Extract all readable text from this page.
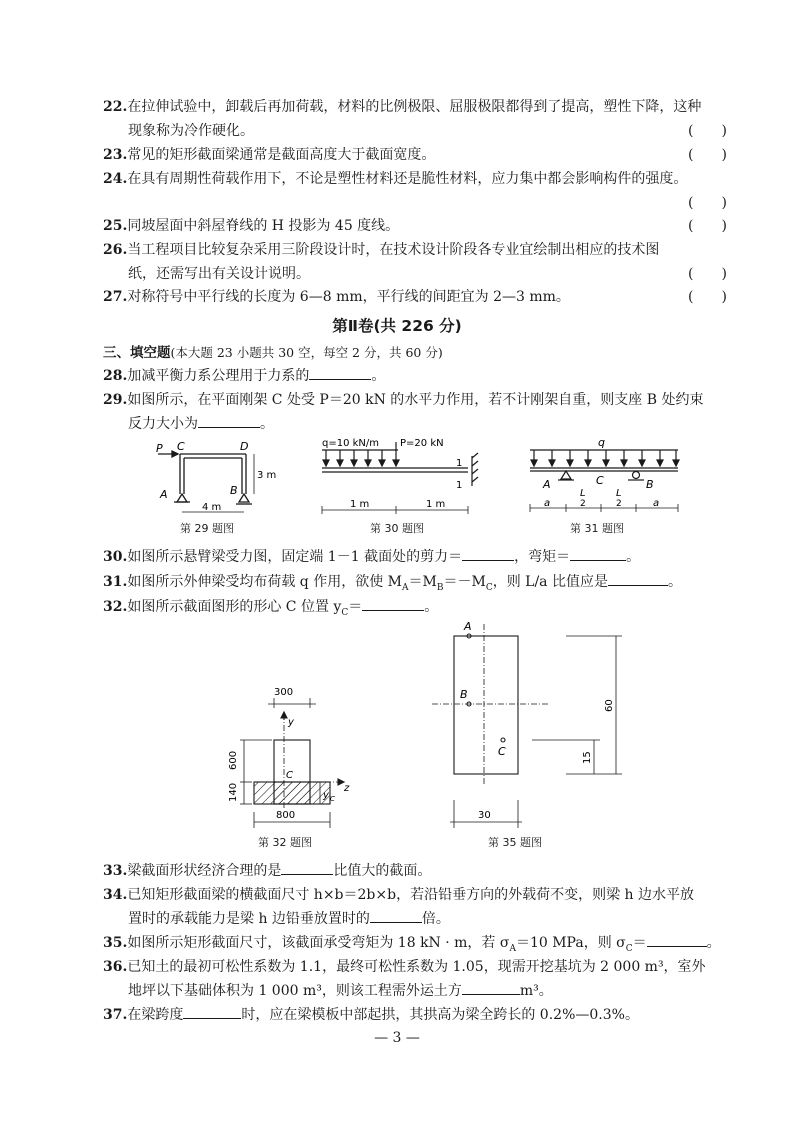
22.在拉伸试验中，卸载后再加荷载，材料的比例极限、屈服极限都得到了提高，塑性下降，这种
现象称为冷作硬化。	(　　)
23.常见的矩形截面梁通常是截面高度大于截面宽度。	(　　)
24.在具有周期性荷载作用下，不论是塑性材料还是脆性材料，应力集中都会影响构件的强度。
(　　)
25.同坡屋面中斜屋脊线的 H 投影为 45 度线。	(　　)
26.当工程项目比较复杂采用三阶段设计时，在技术设计阶段各专业宜绘制出相应的技术图
纸，还需写出有关设计说明。	(　　)
27.对称符号中平行线的长度为 6—8 mm，平行线的间距宜为 2—3 mm。	(　　)
第Ⅱ卷(共 226 分)
三、填空题(本大题 23 小题共 30 空，每空 2 分，共 60 分)
28.加减平衡力系公理用于力系的	。
29.如图所示，在平面刚架 C 处受 P＝20 kN 的水平力作用，若不计刚架自重，则支座 B 处约束
反力大小为	。
P C	D
A	B
4 m
3 m
q=10 kN/m P=20 kN
1
1
1 m	1 m
q
A	C	B
L
2
L
2
a	a
第 29 题图	第 30 题图	第 31 题图
30.如图所示悬臂梁受力图，固定端 1－1 截面处的剪力＝	，弯矩＝	。
31.如图所示外伸梁受均布荷载 q 作用，欲使 $M_A=M_B=-M_C$，则 L/a 比值应是	。
32.如图所示截面图形的形心 C 位置 $y_C=$	。
300
y
z
C
y C
600
140
800
A
B
C
60
15
30
第 32 题图	第 35 题图
33.梁截面形状经济合理的是	比值大的截面。
34.已知矩形截面梁的横截面尺寸 h×b＝2b×b，若沿铅垂方向的外载荷不变，则梁 h 边水平放
置时的承载能力是梁 h 边铅垂放置时的	倍。
35.如图所示矩形截面尺寸，该截面承受弯矩为 18 kN · m，若 $\sigma_A=10$ MPa，则 $\sigma_C=$	。
36.已知土的最初可松性系数为 1.1，最终可松性系数为 1.05，现需开挖基坑为 2 000 m³，室外
地坪以下基础体积为 1 000 m³，则该工程需外运土方	m³。
37.在梁跨度	时，应在梁模板中部起拱，其拱高为梁全跨长的 0.2%—0.3%。
— 3 —
